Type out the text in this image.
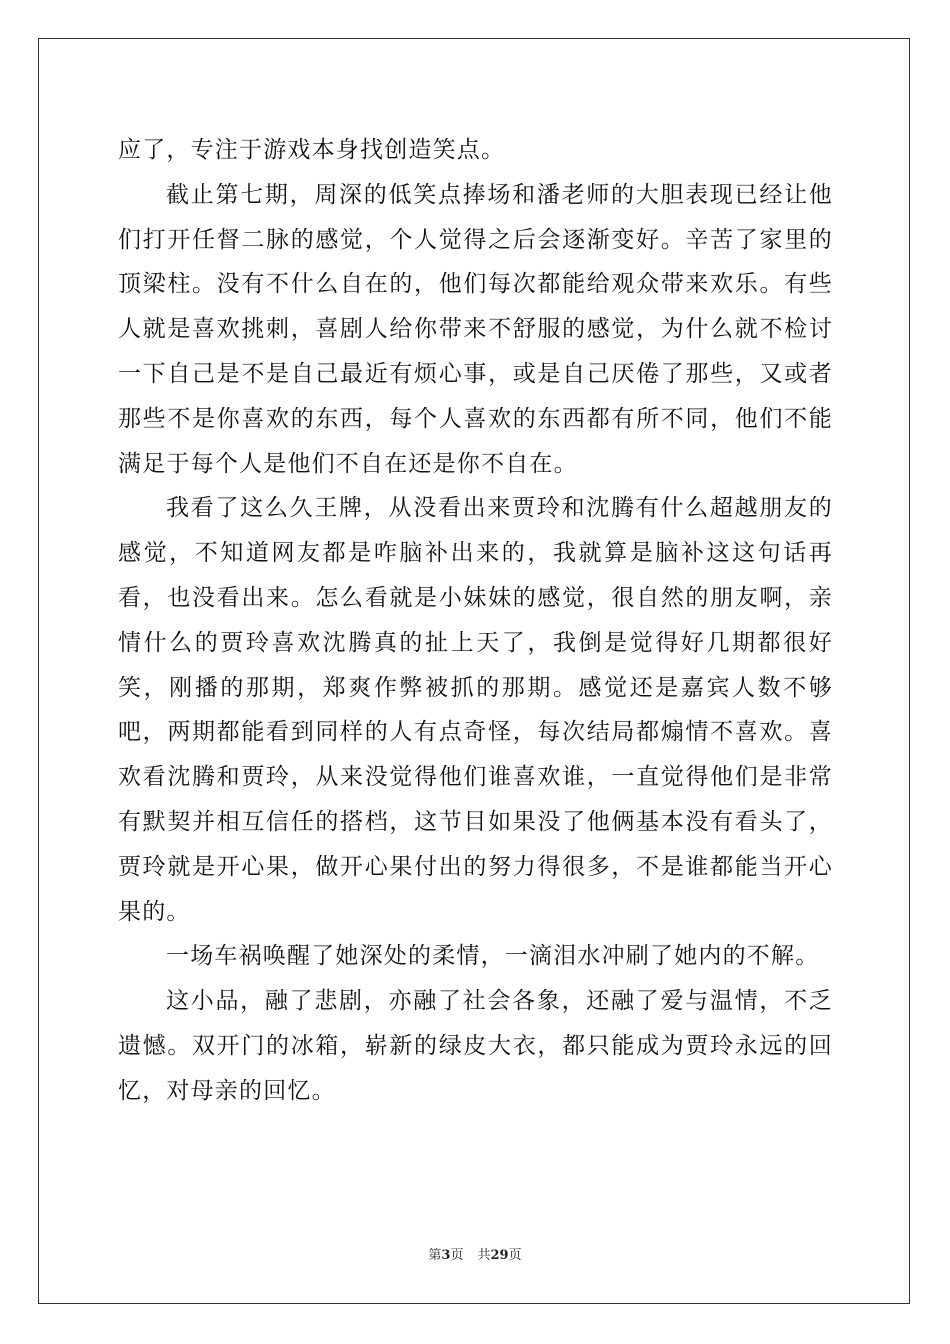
应了，专注于游戏本身找创造笑点。

截止第七期，周深的低笑点捧场和潘老师的大胆表现已经让他们打开任督二脉的感觉，个人觉得之后会逐渐变好。辛苦了家里的顶梁柱。没有不什么自在的，他们每次都能给观众带来欢乐。有些人就是喜欢挑刺，喜剧人给你带来不舒服的感觉，为什么就不检讨一下自己是不是自己最近有烦心事，或是自己厌倦了那些，又或者那些不是你喜欢的东西，每个人喜欢的东西都有所不同，他们不能满足于每个人是他们不自在还是你不自在。

我看了这么久王牌，从没看出来贾玲和沈腾有什么超越朋友的感觉，不知道网友都是咋脑补出来的，我就算是脑补这这句话再看，也没看出来。怎么看就是小妹妹的感觉，很自然的朋友啊，亲情什么的贾玲喜欢沈腾真的扯上天了，我倒是觉得好几期都很好笑，刚播的那期，郑爽作弊被抓的那期。感觉还是嘉宾人数不够吧，两期都能看到同样的人有点奇怪，每次结局都煽情不喜欢。喜欢看沈腾和贾玲，从来没觉得他们谁喜欢谁，一直觉得他们是非常有默契并相互信任的搭档，这节目如果没了他俩基本没有看头了，贾玲就是开心果，做开心果付出的努力得很多，不是谁都能当开心果的。

一场车祸唤醒了她深处的柔情，一滴泪水冲刷了她内的不解。

这小品，融了悲剧，亦融了社会各象，还融了爱与温情，不乏遗憾。双开门的冰箱，崭新的绿皮大衣，都只能成为贾玲永远的回忆，对母亲的回忆。

第3页 共29页
